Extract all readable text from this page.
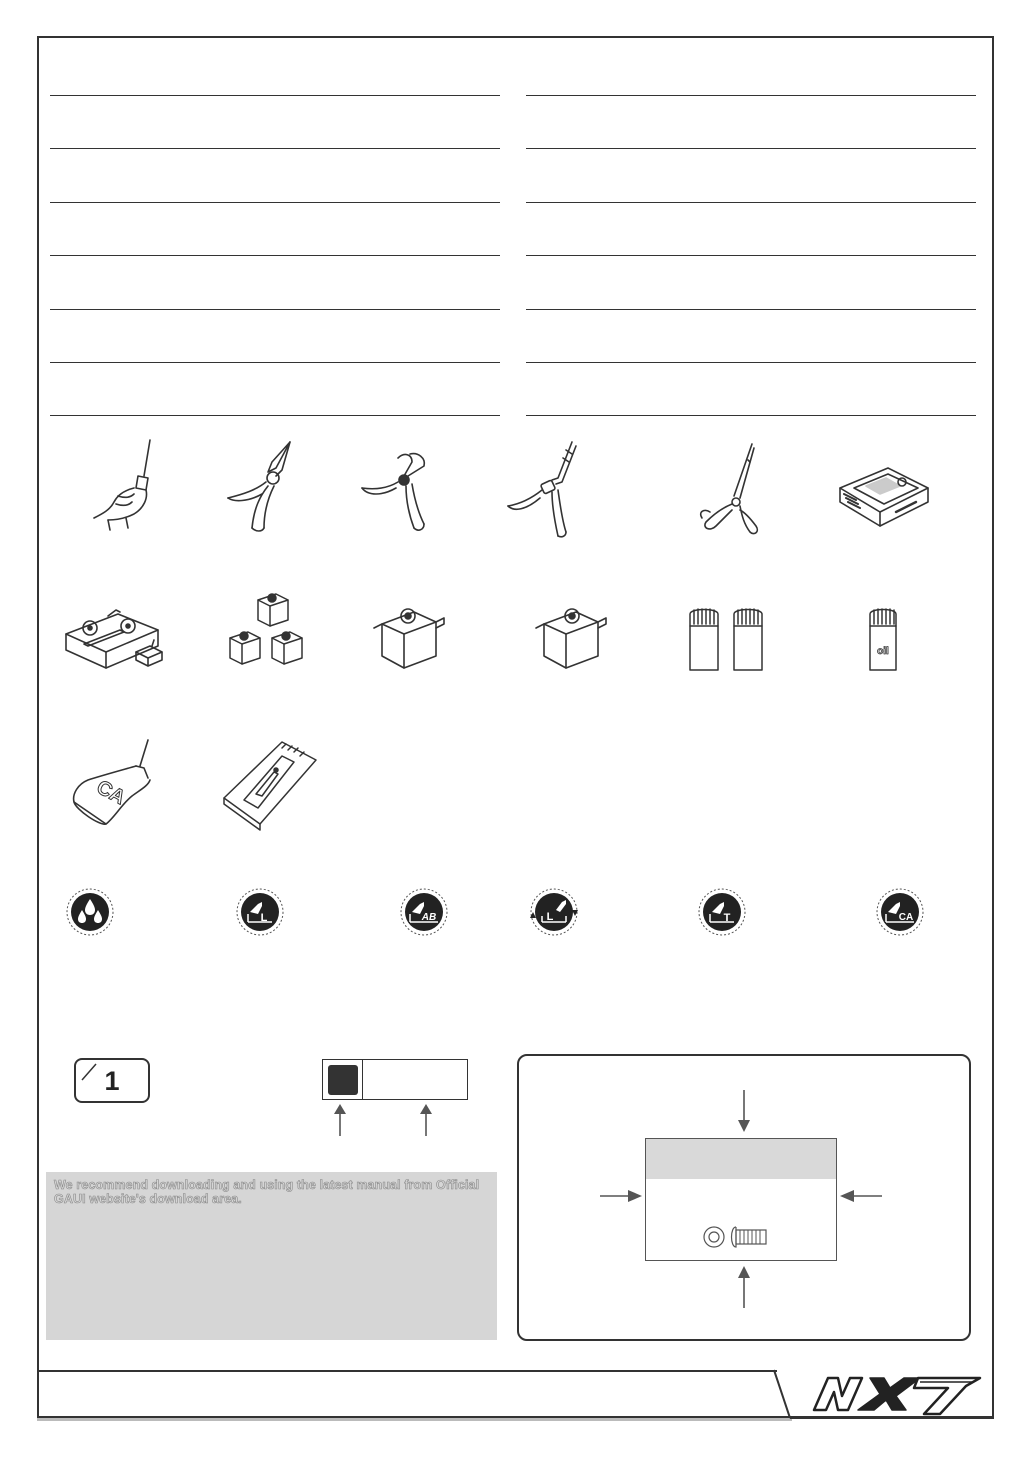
oil
CA
L	AB	L	T	CA
1
We recommend downloading and using the latest manual from Official GAUI website's download area.
